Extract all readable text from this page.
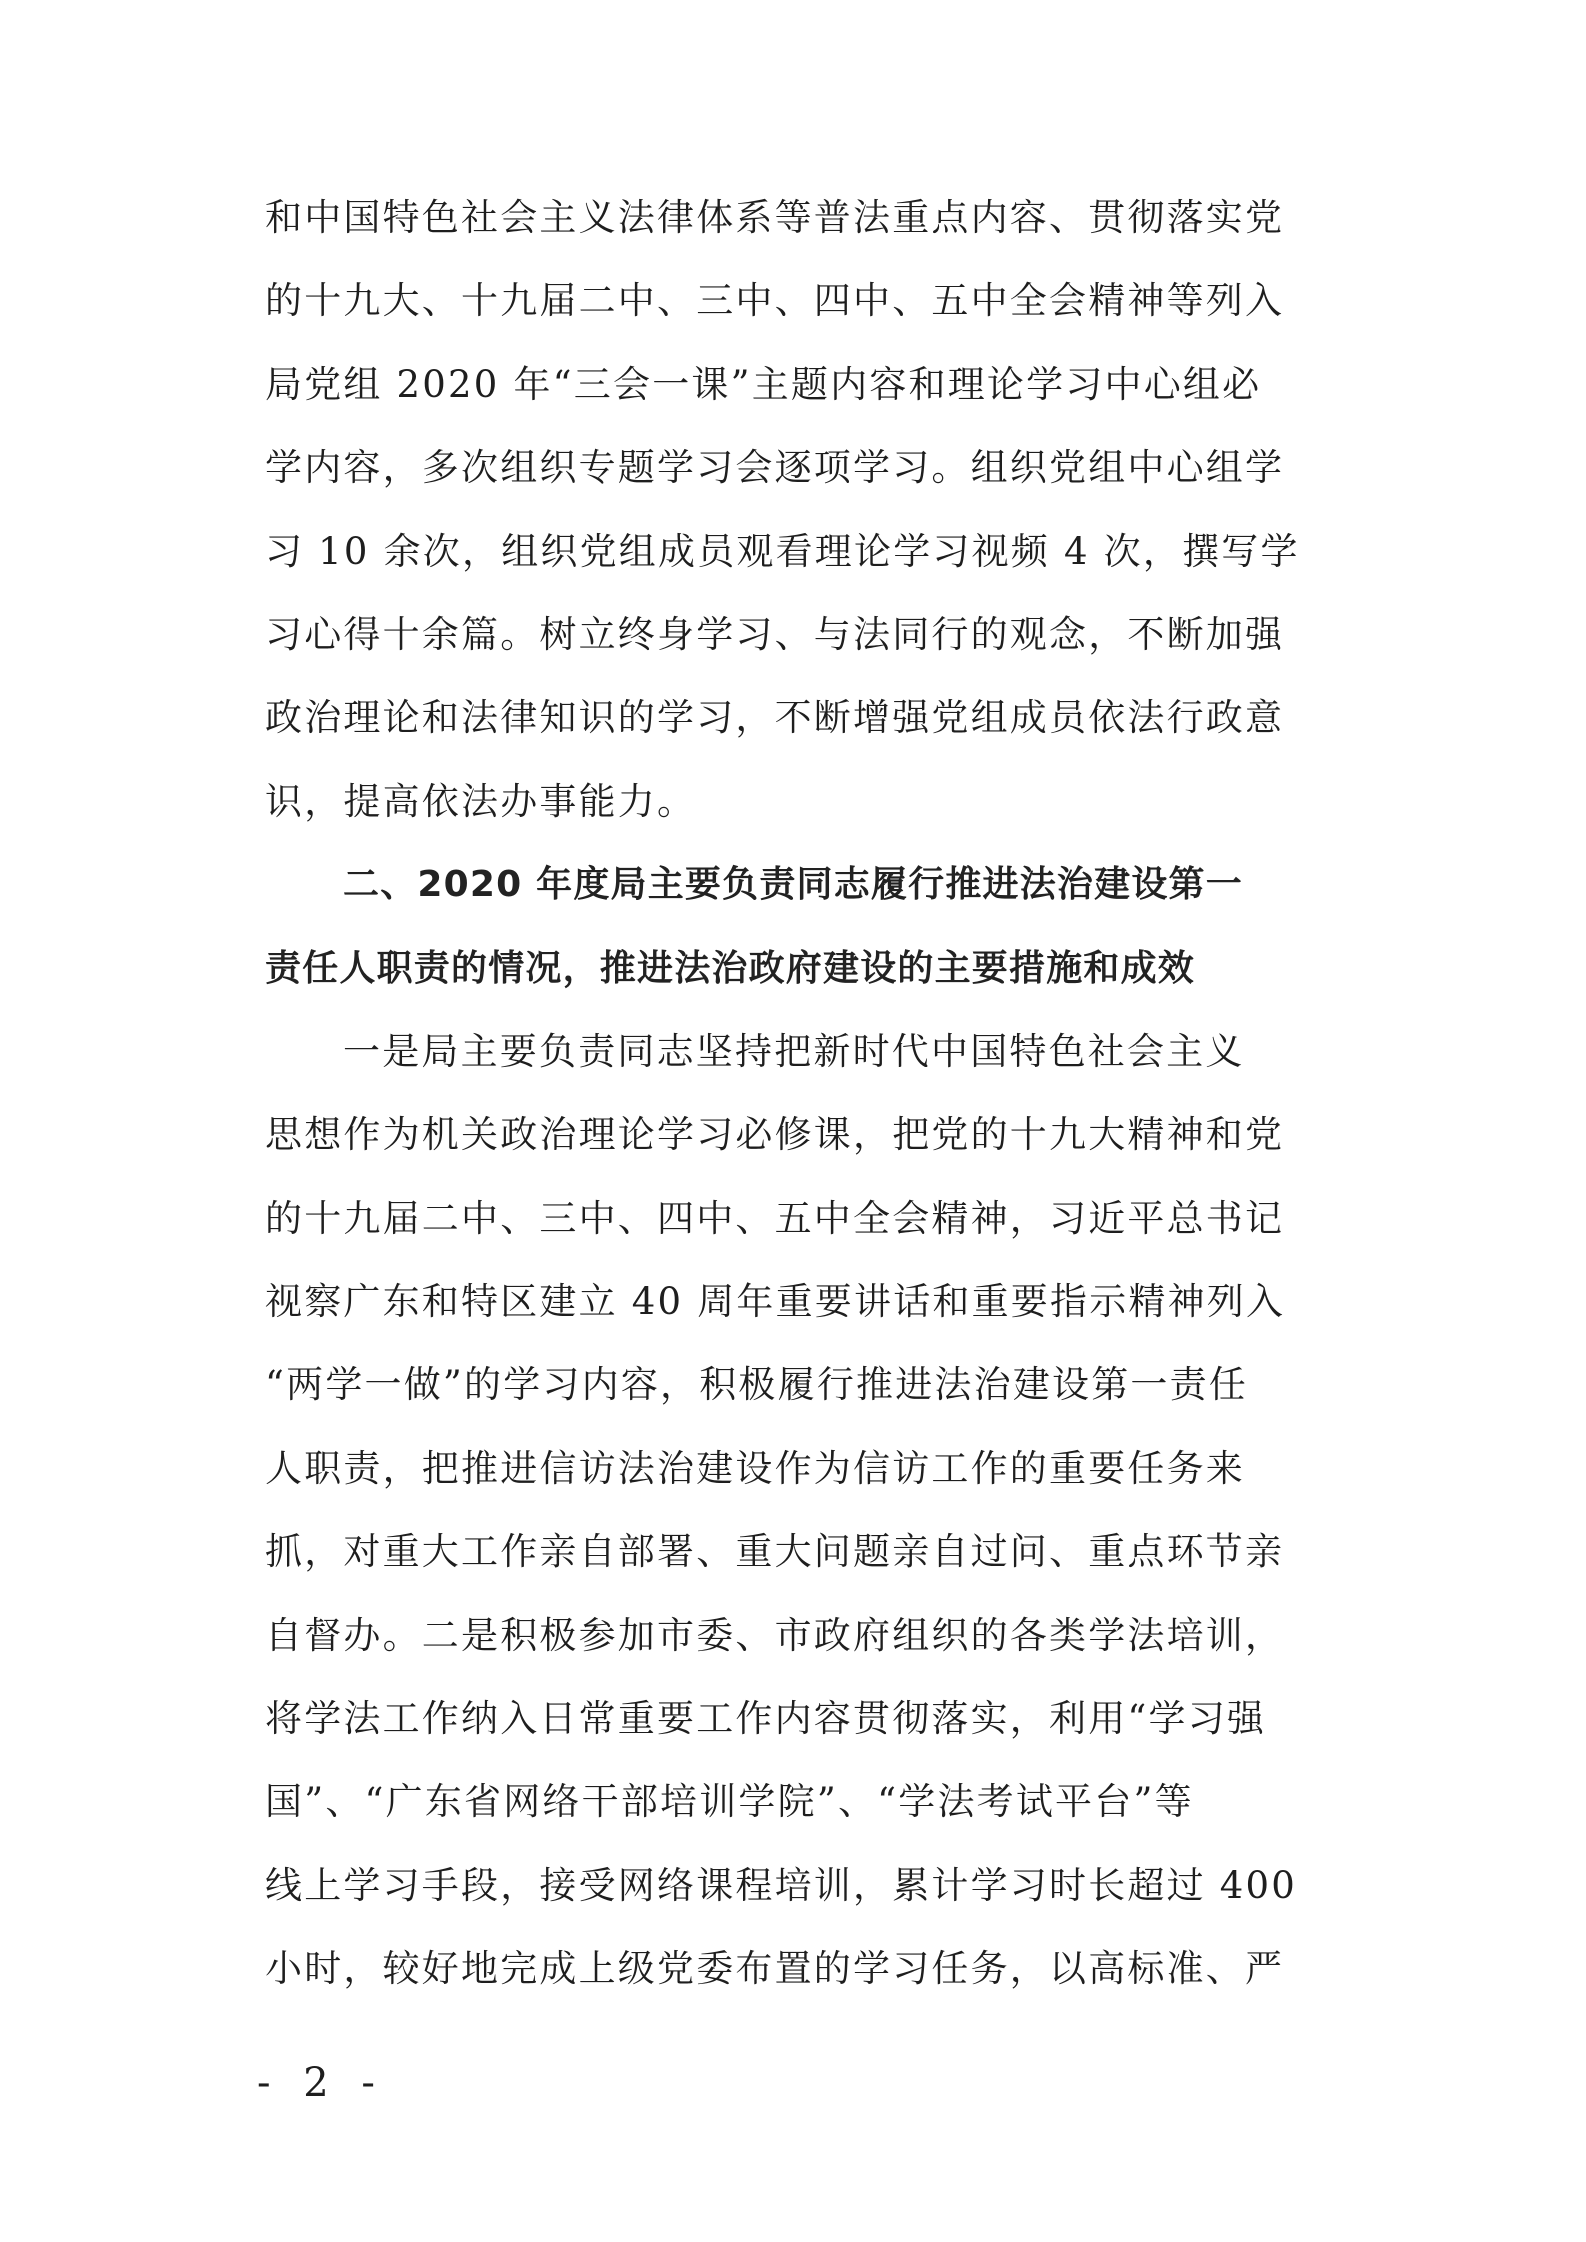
和中国特色社会主义法律体系等普法重点内容、贯彻落实党
的十九大、十九届二中、三中、四中、五中全会精神等列入
局党组 2020 年“三会一课”主题内容和理论学习中心组必
学内容，多次组织专题学习会逐项学习。组织党组中心组学
习 10 余次，组织党组成员观看理论学习视频 4 次，撰写学
习心得十余篇。树立终身学习、与法同行的观念，不断加强
政治理论和法律知识的学习，不断增强党组成员依法行政意
识，提高依法办事能力。
二、2020 年度局主要负责同志履行推进法治建设第一
责任人职责的情况，推进法治政府建设的主要措施和成效
一是局主要负责同志坚持把新时代中国特色社会主义
思想作为机关政治理论学习必修课，把党的十九大精神和党
的十九届二中、三中、四中、五中全会精神，习近平总书记
视察广东和特区建立 40 周年重要讲话和重要指示精神列入
“两学一做”的学习内容，积极履行推进法治建设第一责任
人职责，把推进信访法治建设作为信访工作的重要任务来
抓，对重大工作亲自部署、重大问题亲自过问、重点环节亲
自督办。二是积极参加市委、市政府组织的各类学法培训，
将学法工作纳入日常重要工作内容贯彻落实，利用“学习强
国”、“广东省网络干部培训学院”、“学法考试平台”等
线上学习手段，接受网络课程培训，累计学习时长超过 400
小时，较好地完成上级党委布置的学习任务，以高标准、严
- 2 -
